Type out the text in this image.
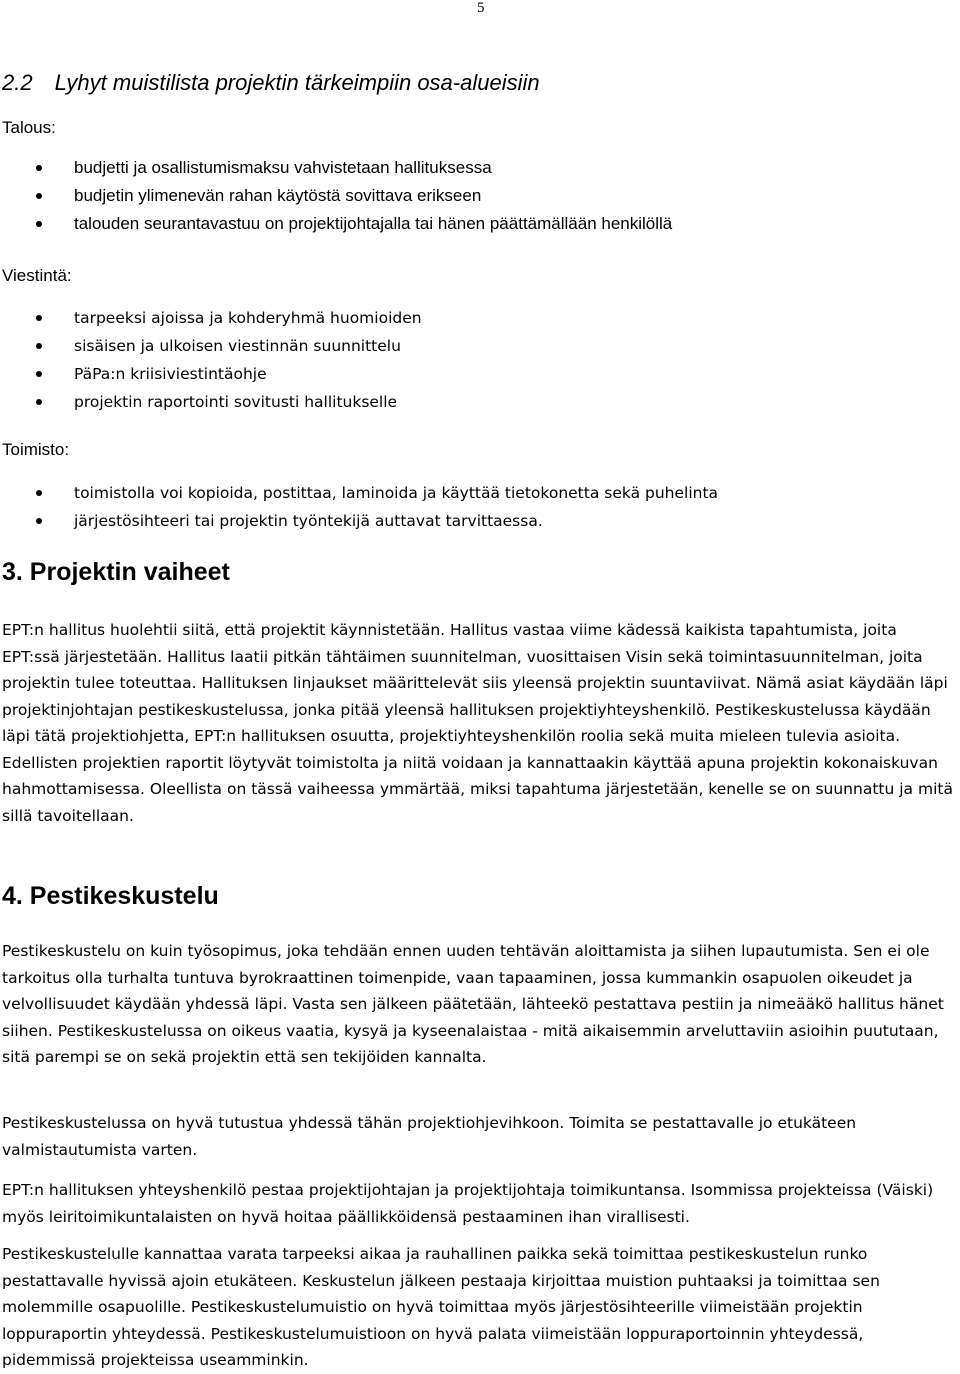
5
2.2 Lyhyt muistilista projektin tärkeimpiin osa-alueisiin
Talous:
budjetti ja osallistumismaksu vahvistetaan hallituksessa
budjetin ylimenevän rahan käytöstä sovittava erikseen
talouden seurantavastuu on projektijohtajalla tai hänen päättämällään henkilöllä
Viestintä:
tarpeeksi ajoissa ja kohderyhmä huomioiden
sisäisen ja ulkoisen viestinnän suunnittelu
PäPa:n kriisiviestintäohje
projektin raportointi sovitusti hallitukselle
Toimisto:
toimistolla voi kopioida, postittaa, laminoida ja käyttää tietokonetta sekä puhelinta
järjestösihteeri tai projektin työntekijä auttavat tarvittaessa.
3. Projektin vaiheet

EPT:n hallitus huolehtii siitä, että projektit käynnistetään. Hallitus vastaa viime kädessä kaikista tapahtumista, joita EPT:ssä järjestetään. Hallitus laatii pitkän tähtäimen suunnitelman, vuosittaisen Visin sekä toimintasuunnitelman, joita projektin tulee toteuttaa. Hallituksen linjaukset määrittelevät siis yleensä projektin suuntaviivat. Nämä asiat käydään läpi projektinjohtajan pestikeskustelussa, jonka pitää yleensä hallituksen projektiyhteyshenkilö. Pestikeskustelussa käydään läpi tätä projektiohjetta, EPT:n hallituksen osuutta, projektiyhteyshenkilön roolia sekä muita mieleen tulevia asioita. Edellisten projektien raportit löytyvät toimistolta ja niitä voidaan ja kannattaakin käyttää apuna projektin kokonaiskuvan hahmottamisessa. Oleellista on tässä vaiheessa ymmärtää, miksi tapahtuma järjestetään, kenelle se on suunnattu ja mitä sillä tavoitellaan.

4. Pestikeskustelu

Pestikeskustelu on kuin työsopimus, joka tehdään ennen uuden tehtävän aloittamista ja siihen lupautumista. Sen ei ole tarkoitus olla turhalta tuntuva byrokraattinen toimenpide, vaan tapaaminen, jossa kummankin osapuolen oikeudet ja velvollisuudet käydään yhdessä läpi. Vasta sen jälkeen päätetään, lähteekö pestattava pestiin ja nimeääkö hallitus hänet siihen. Pestikeskustelussa on oikeus vaatia, kysyä ja kyseenalaistaa - mitä aikaisemmin arveluttaviin asioihin puututaan, sitä parempi se on sekä projektin että sen tekijöiden kannalta.

Pestikeskustelussa on hyvä tutustua yhdessä tähän projektiohjevihkoon. Toimita se pestattavalle jo etukäteen valmistautumista varten.

EPT:n hallituksen yhteyshenkilö pestaa projektijohtajan ja projektijohtaja toimikuntansa. Isommissa projekteissa (Väiski) myös leiritoimikuntalaisten on hyvä hoitaa päällikköidensä pestaaminen ihan virallisesti.

Pestikeskustelulle kannattaa varata tarpeeksi aikaa ja rauhallinen paikka sekä toimittaa pestikeskustelun runko pestattavalle hyvissä ajoin etukäteen. Keskustelun jälkeen pestaaja kirjoittaa muistion puhtaaksi ja toimittaa sen molemmille osapuolille. Pestikeskustelumuistio on hyvä toimittaa myös järjestösihteerille viimeistään projektin loppuraportin yhteydessä. Pestikeskustelumuistioon on hyvä palata viimeistään loppuraportoinnin yhteydessä, pidemmissä projekteissa useamminkin.
